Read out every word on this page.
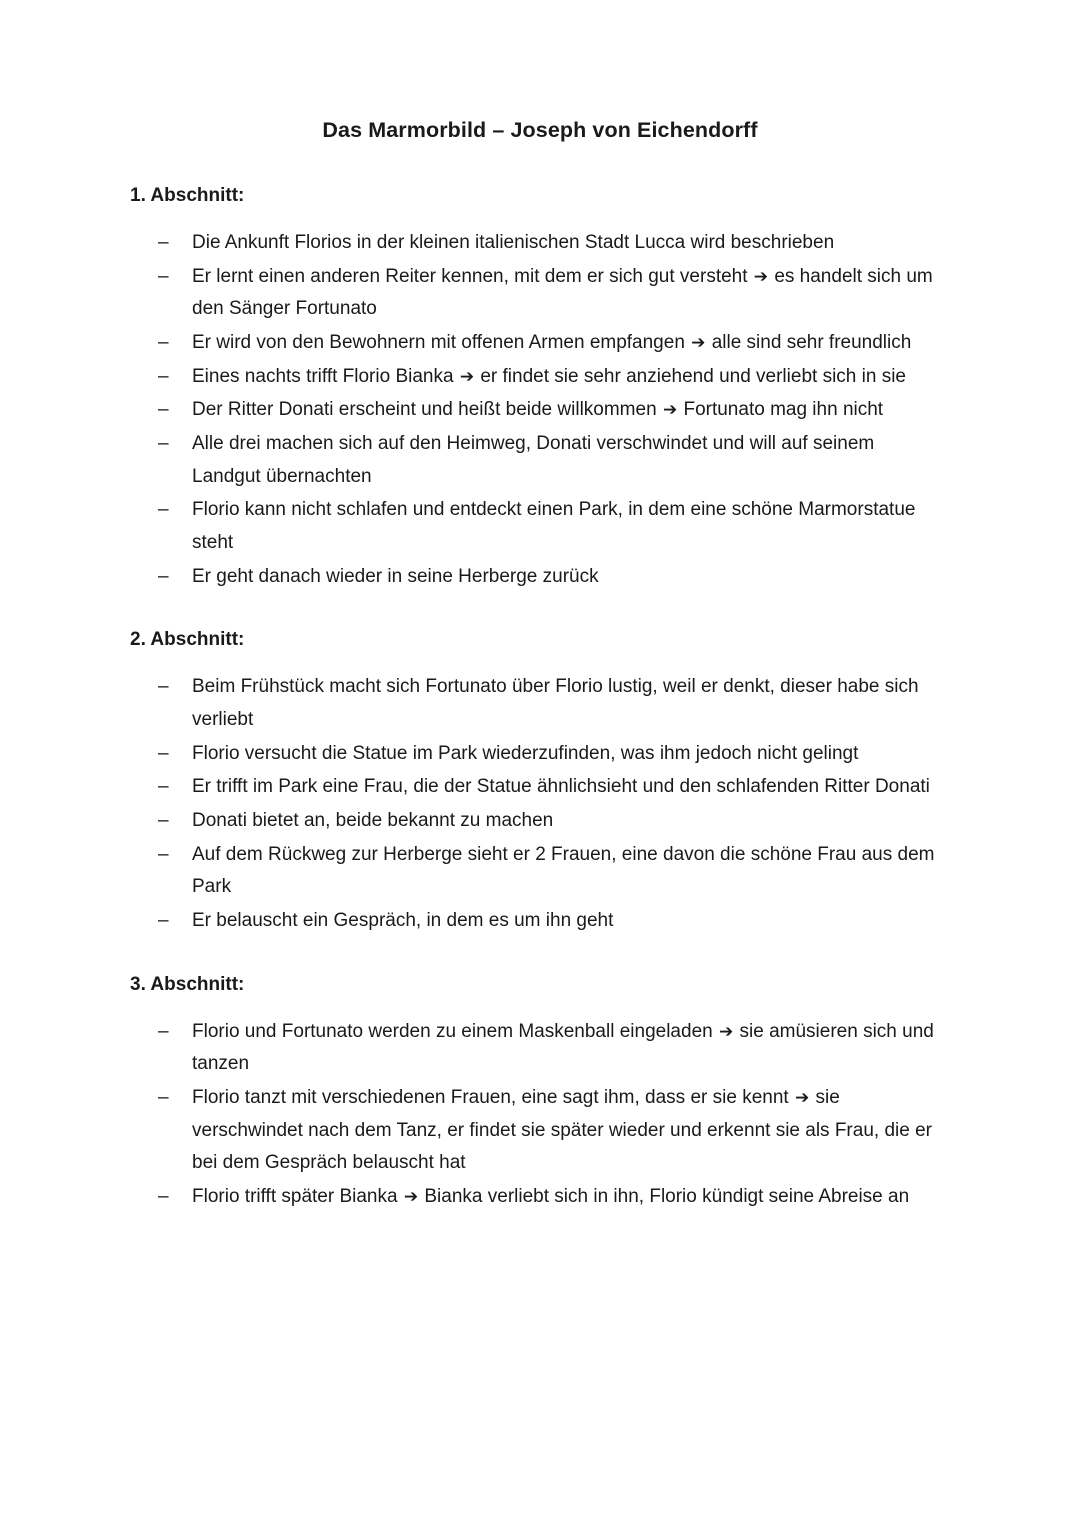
Das Marmorbild – Joseph von Eichendorff
1. Abschnitt:
‒ Die Ankunft Florios in der kleinen italienischen Stadt Lucca wird beschrieben
‒ Er lernt einen anderen Reiter kennen, mit dem er sich gut versteht ➔ es handelt sich um den Sänger Fortunato
‒ Er wird von den Bewohnern mit offenen Armen empfangen ➔ alle sind sehr freundlich
‒ Eines nachts trifft Florio Bianka ➔ er findet sie sehr anziehend und verliebt sich in sie
‒ Der Ritter Donati erscheint und heißt beide willkommen ➔ Fortunato mag ihn nicht
‒ Alle drei machen sich auf den Heimweg, Donati verschwindet und will auf seinem Landgut übernachten
‒ Florio kann nicht schlafen und entdeckt einen Park, in dem eine schöne Marmorstatue steht
‒ Er geht danach wieder in seine Herberge zurück
2. Abschnitt:
‒ Beim Frühstück macht sich Fortunato über Florio lustig, weil er denkt, dieser habe sich verliebt
‒ Florio versucht die Statue im Park wiederzufinden, was ihm jedoch nicht gelingt
‒ Er trifft im Park eine Frau, die der Statue ähnlichsieht und den schlafenden Ritter Donati
‒ Donati bietet an, beide bekannt zu machen
‒ Auf dem Rückweg zur Herberge sieht er 2 Frauen, eine davon die schöne Frau aus dem Park
‒ Er belauscht ein Gespräch, in dem es um ihn geht
3. Abschnitt:
‒ Florio und Fortunato werden zu einem Maskenball eingeladen ➔ sie amüsieren sich und tanzen
‒ Florio tanzt mit verschiedenen Frauen, eine sagt ihm, dass er sie kennt ➔ sie verschwindet nach dem Tanz, er findet sie später wieder und erkennt sie als Frau, die er bei dem Gespräch belauscht hat
‒ Florio trifft später Bianka ➔ Bianka verliebt sich in ihn, Florio kündigt seine Abreise an
